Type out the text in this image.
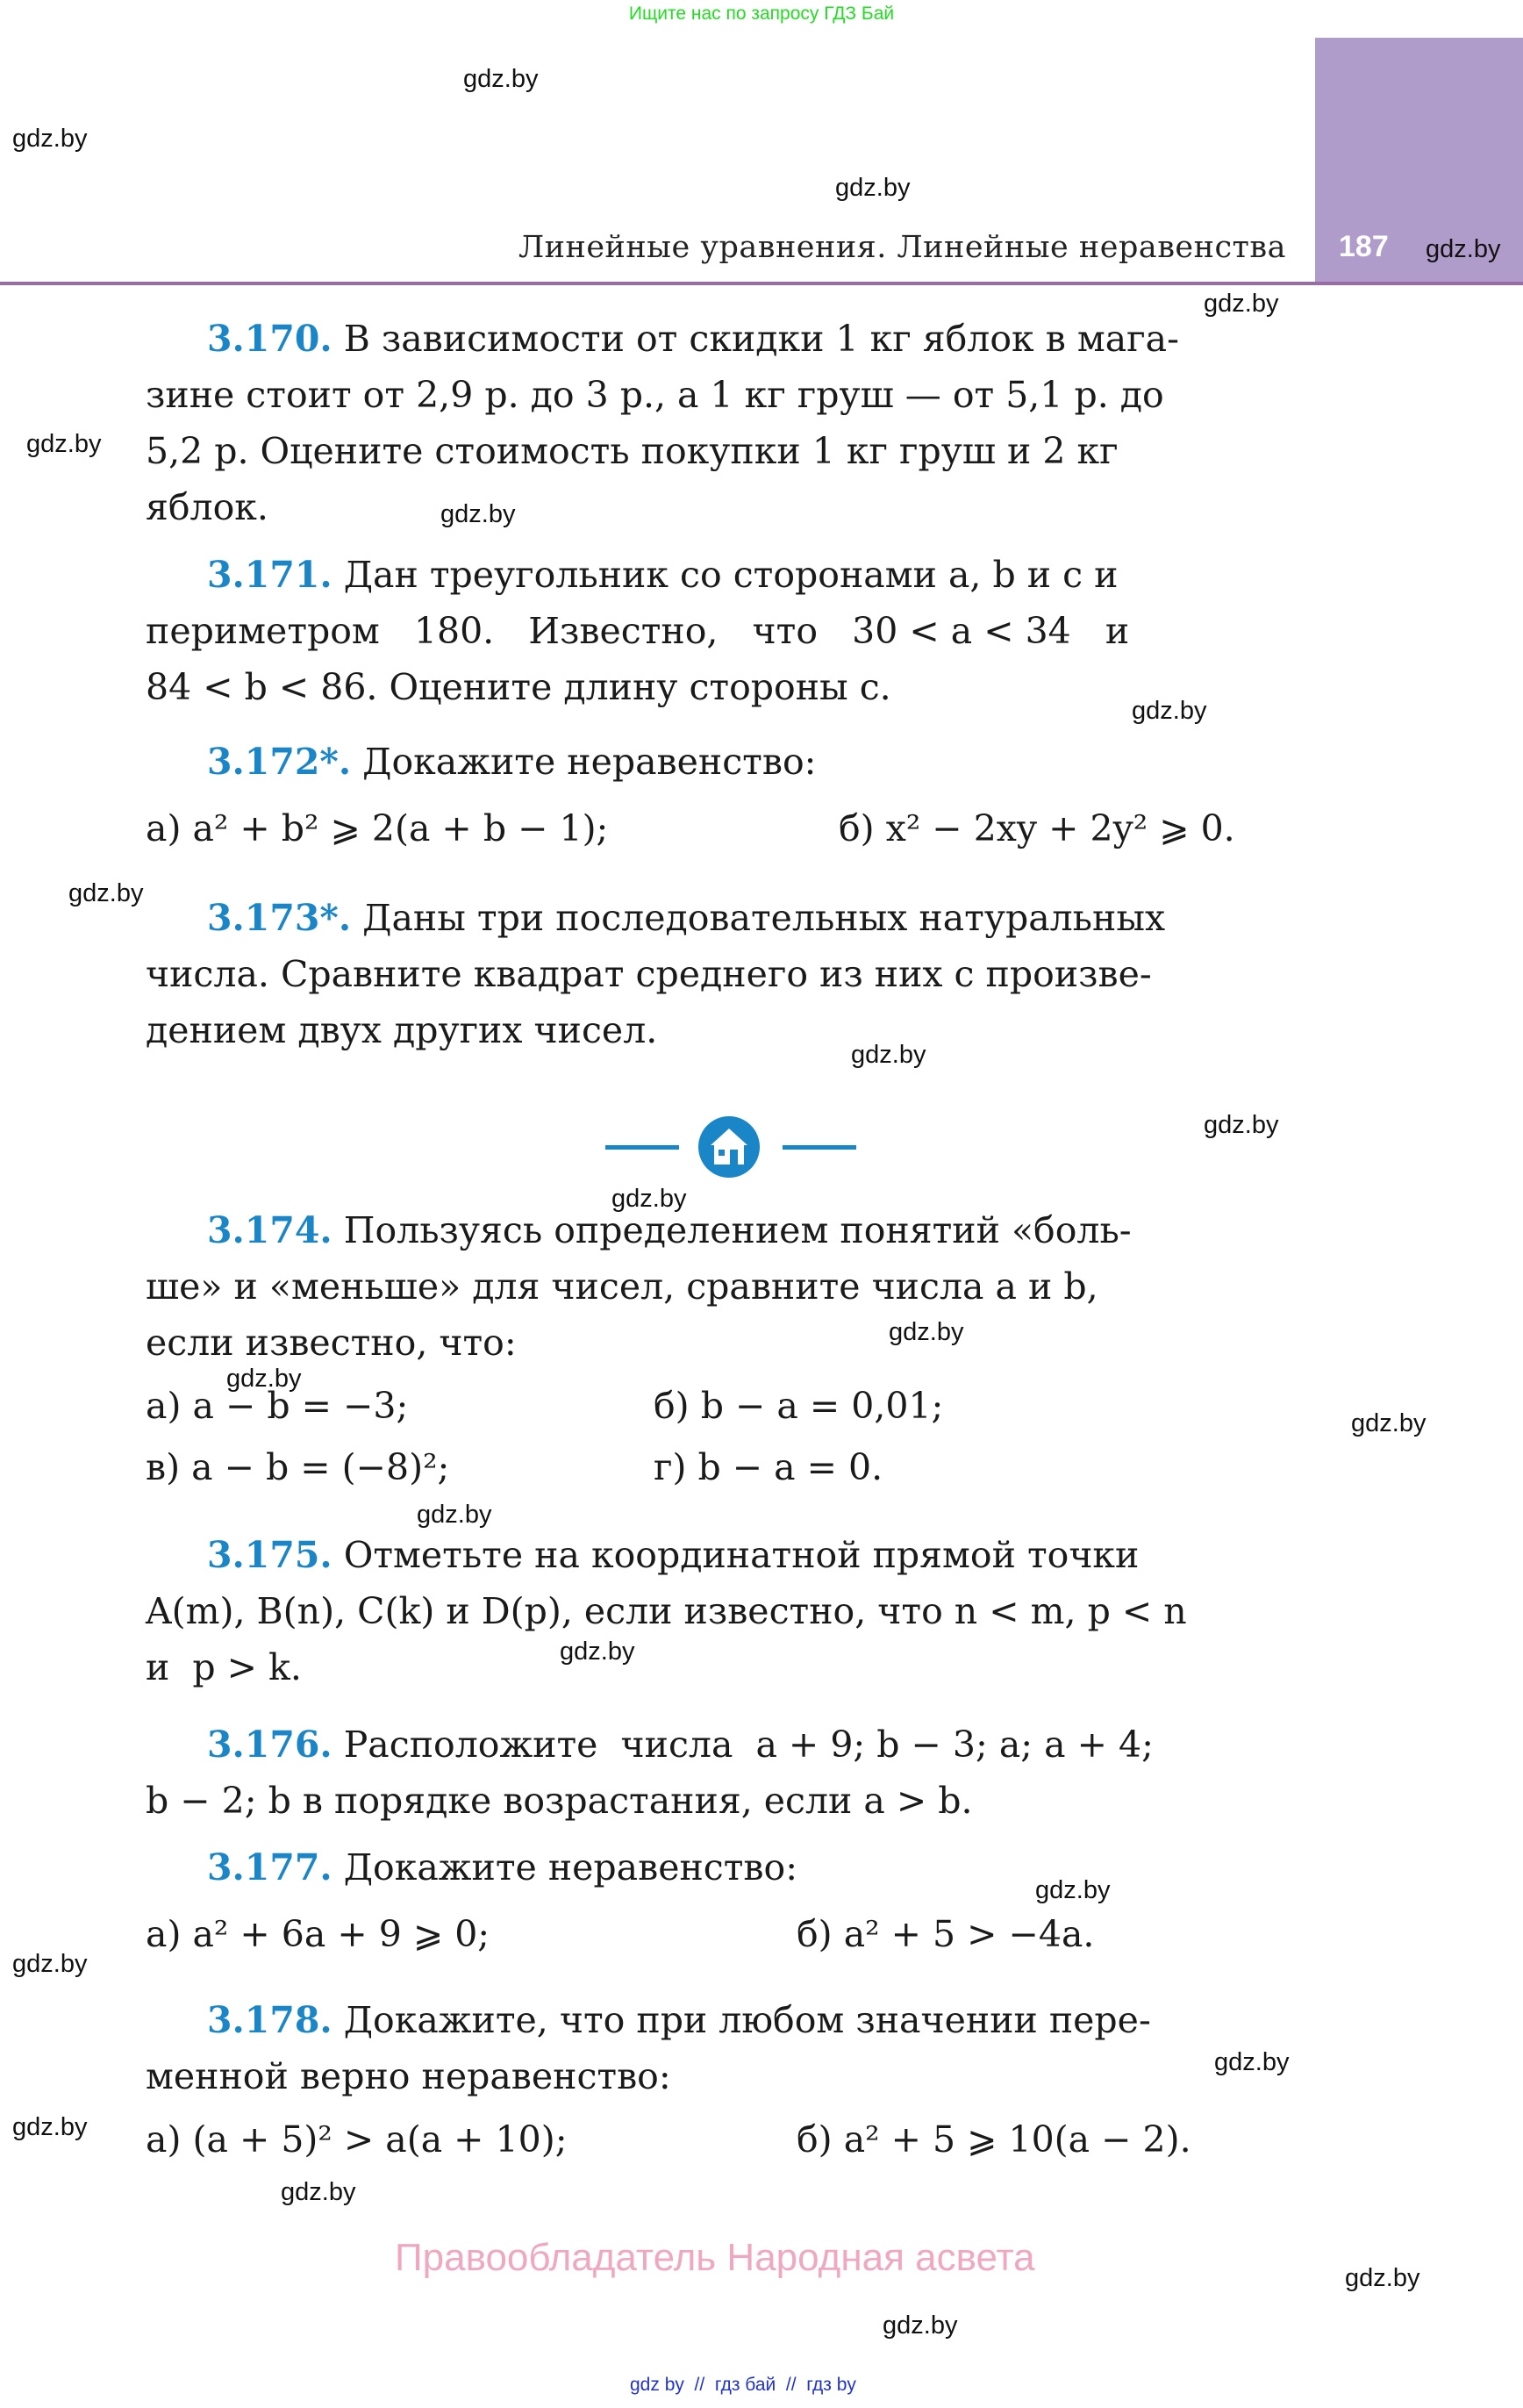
Ищите нас по запросу ГДЗ Бай
187
Линейные уравнения. Линейные неравенства
gdz.by
gdz.by
gdz.by
gdz.by
gdz.by
gdz.by
gdz.by
gdz.by
gdz.by
gdz.by
gdz.by
gdz.by
gdz.by
gdz.by
gdz.by
gdz.by
gdz.by
gdz.by
gdz.by
gdz.by
gdz.by
gdz.by
gdz.by
gdz.by
3.170. В зависимости от скидки 1 кг яблок в мага-
зине стоит от 2,9 р. до 3 р., а 1 кг груш — от 5,1 р. до
5,2 р. Оцените стоимость покупки 1 кг груш и 2 кг
яблок.
3.171. Дан треугольник со сторонами a, b и c и
периметром   180.   Известно,   что   30 < a < 34   и
84 < b < 86. Оцените длину стороны c.
3.172*. Докажите неравенство:
а) a² + b² ⩾ 2(a + b − 1);	б) x² − 2xy + 2y² ⩾ 0.
3.173*. Даны три последовательных натуральных
числа. Сравните квадрат среднего из них с произве-
дением двух других чисел.
3.174. Пользуясь определением понятий «боль-
ше» и «меньше» для чисел, сравните числа a и b,
если известно, что:
а) a − b = −3;	б) b − a = 0,01;
в) a − b = (−8)²;	г) b − a = 0.
3.175. Отметьте на координатной прямой точки
A(m), B(n), C(k) и D(p), если известно, что n < m, p < n
и  p > k.
3.176. Расположите  числа  a + 9; b − 3; a; a + 4;
b − 2; b в порядке возрастания, если a > b.
3.177. Докажите неравенство:
а) a² + 6a + 9 ⩾ 0;	б) a² + 5 > −4a.
3.178. Докажите, что при любом значении пере-
менной верно неравенство:
а) (a + 5)² > a(a + 10);	б) a² + 5 ⩾ 10(a − 2).
Правообладатель Народная асвета
gdz by  //  гдз бай  //  гдз by
